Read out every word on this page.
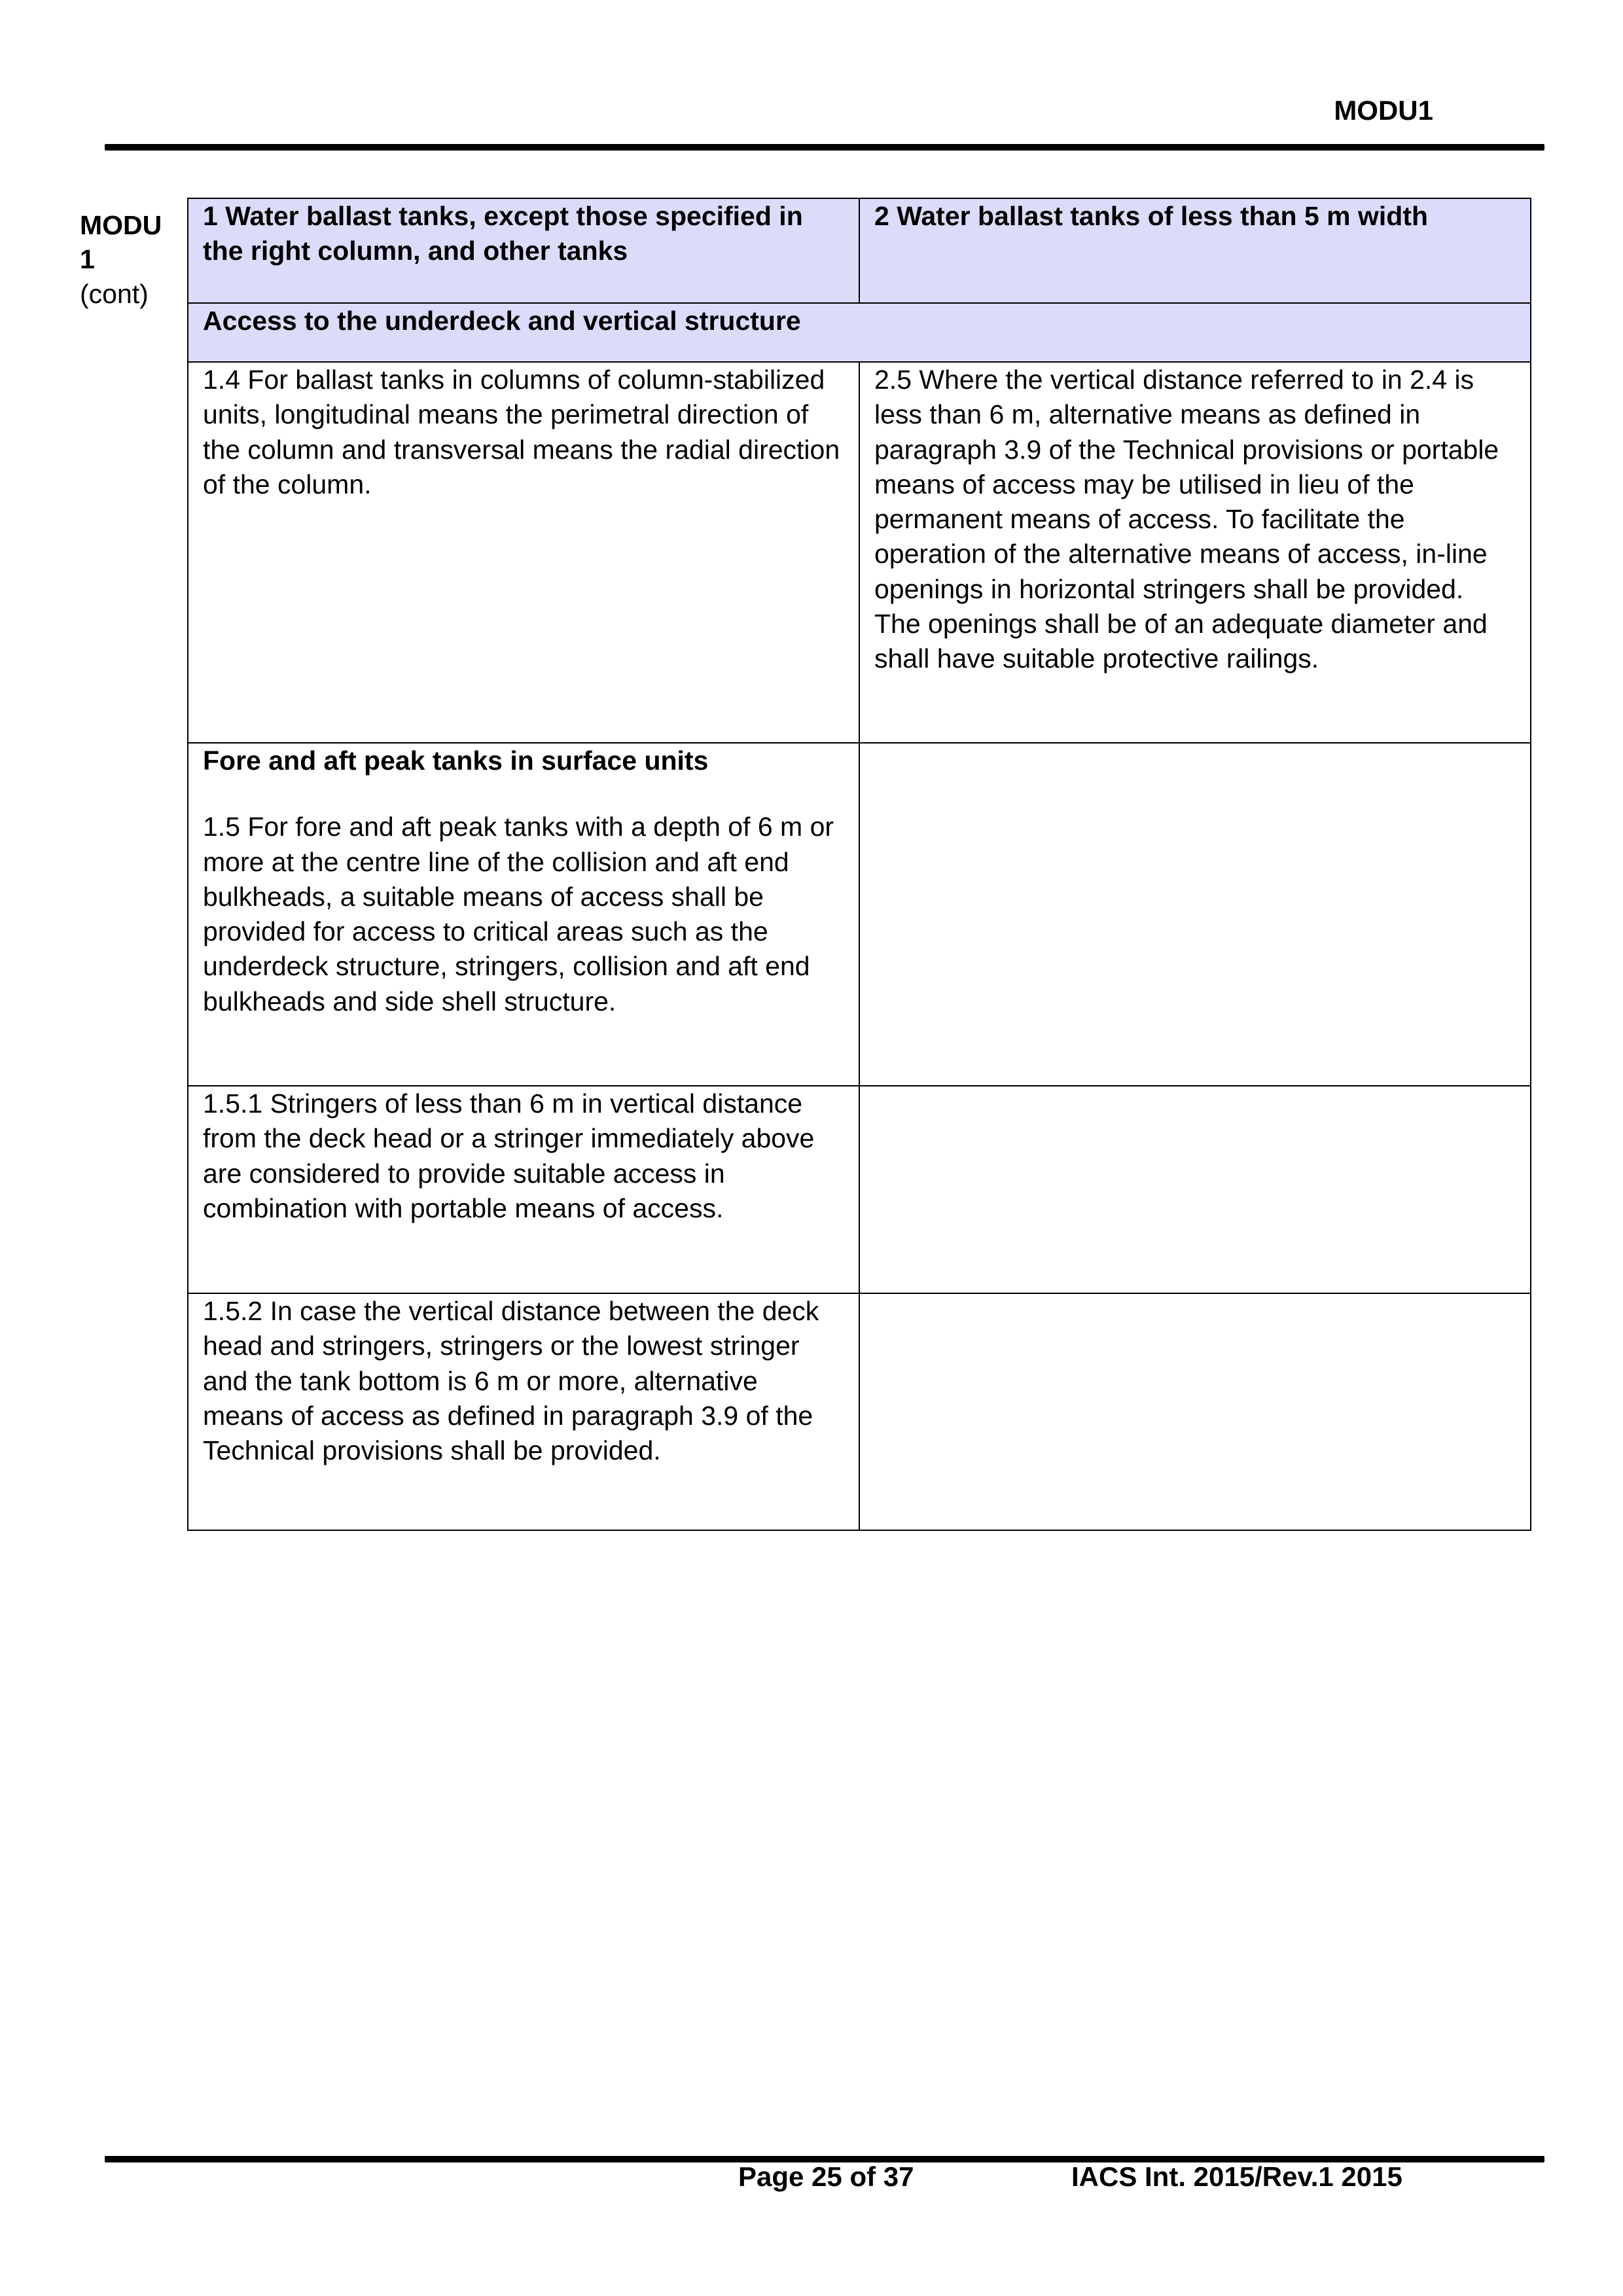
MODU1
MODU 1
(cont)
1 Water ballast tanks, except those specified in the right column, and other tanks	2 Water ballast tanks of less than 5 m width
Access to the underdeck and vertical structure	
1.4 For ballast tanks in columns of column-stabilized units, longitudinal means the perimetral direction of the column and transversal means the radial direction of the column.	2.5 Where the vertical distance referred to in 2.4 is less than 6 m, alternative means as defined in paragraph 3.9 of the Technical provisions or portable means of access may be utilised in lieu of the permanent means of access. To facilitate the operation of the alternative means of access, in-line openings in horizontal stringers shall be provided. The openings shall be of an adequate diameter and shall have suitable protective railings.

Fore and aft peak tanks in surface units
1.5 For fore and aft peak tanks with a depth of 6 m or more at the centre line of the collision and aft end bulkheads, a suitable means of access shall be provided for access to critical areas such as the underdeck structure, stringers, collision and aft end bulkheads and side shell structure.	
1.5.1 Stringers of less than 6 m in vertical distance from the deck head or a stringer immediately above are considered to provide suitable access in combination with portable means of access.	
1.5.2 In case the vertical distance between the deck head and stringers, stringers or the lowest stringer and the tank bottom is 6 m or more, alternative means of access as defined in paragraph 3.9 of the Technical provisions shall be provided.	
Page 25 of 37	IACS Int. 2015/Rev.1 2015
